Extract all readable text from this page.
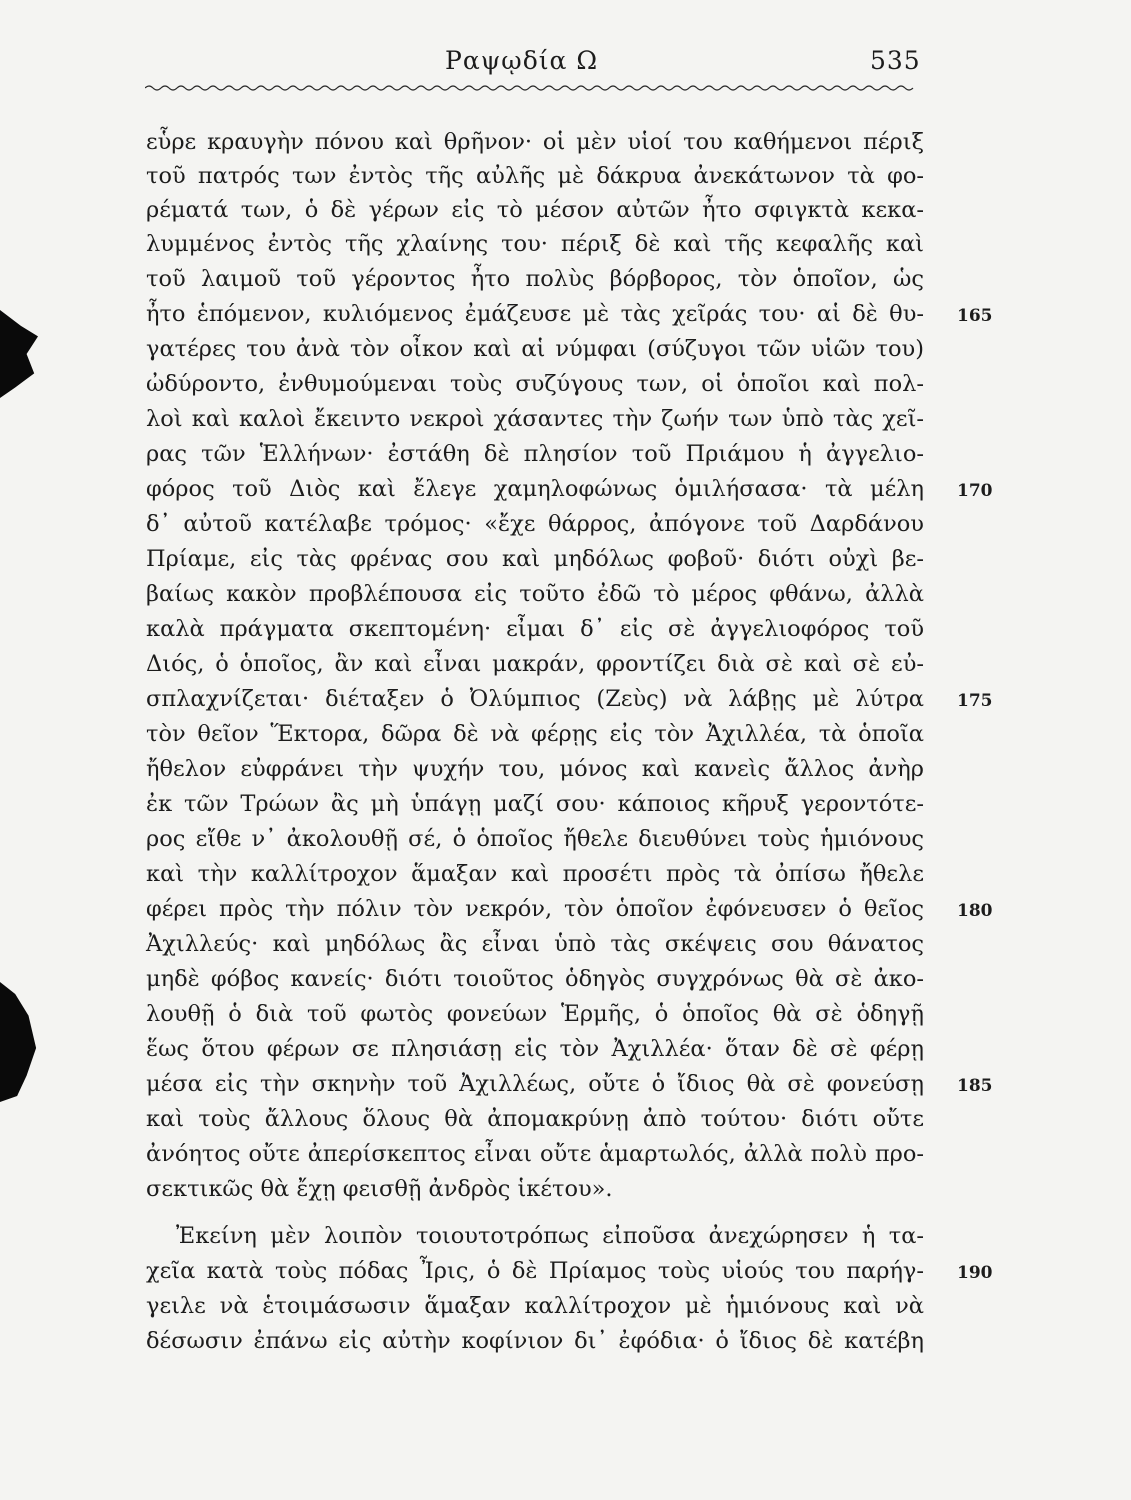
Ραψῳδία Ω	535
εὗρε κραυγὴν πόνου καὶ θρῆνον· οἱ μὲν υἱοί του καθήμενοι πέριξ
τοῦ πατρός των ἐντὸς τῆς αὐλῆς μὲ δάκρυα ἀνεκάτωνον τὰ φο-
ρέματά των, ὁ δὲ γέρων εἰς τὸ μέσον αὐτῶν ἦτο σφιγκτὰ κεκα-
λυμμένος ἐντὸς τῆς χλαίνης του· πέριξ δὲ καὶ τῆς κεφαλῆς καὶ
τοῦ λαιμοῦ τοῦ γέροντος ἦτο πολὺς βόρβορος, τὸν ὁποῖον, ὡς
ἦτο ἑπόμενον, κυλιόμενος ἐμάζευσε μὲ τὰς χεῖράς του· αἱ δὲ θυ-
γατέρες του ἀνὰ τὸν οἶκον καὶ αἱ νύμφαι (σύζυγοι τῶν υἱῶν του)
ὠδύροντο, ἐνθυμούμεναι τοὺς συζύγους των, οἱ ὁποῖοι καὶ πολ-
λοὶ καὶ καλοὶ ἔκειντο νεκροὶ χάσαντες τὴν ζωήν των ὑπὸ τὰς χεῖ-
ρας τῶν Ἑλλήνων· ἐστάθη δὲ πλησίον τοῦ Πριάμου ἡ ἀγγελιο-
φόρος τοῦ Διὸς καὶ ἔλεγε χαμηλοφώνως ὁμιλήσασα· τὰ μέλη
δ᾽ αὐτοῦ κατέλαβε τρόμος· «ἔχε θάρρος, ἀπόγονε τοῦ Δαρδάνου
Πρίαμε, εἰς τὰς φρένας σου καὶ μηδόλως φοβοῦ· διότι οὐχὶ βε-
βαίως κακὸν προβλέπουσα εἰς τοῦτο ἐδῶ τὸ μέρος φθάνω, ἀλλὰ
καλὰ πράγματα σκεπτομένη· εἶμαι δ᾽ εἰς σὲ ἀγγελιοφόρος τοῦ
Διός, ὁ ὁποῖος, ἂν καὶ εἶναι μακράν, φροντίζει διὰ σὲ καὶ σὲ εὐ-
σπλαχνίζεται· διέταξεν ὁ Ὀλύμπιος (Ζεὺς) νὰ λάβῃς μὲ λύτρα
τὸν θεῖον Ἕκτορα, δῶρα δὲ νὰ φέρῃς εἰς τὸν Ἀχιλλέα, τὰ ὁποῖα
ἤθελον εὐφράνει τὴν ψυχήν του, μόνος καὶ κανεὶς ἄλλος ἀνὴρ
ἐκ τῶν Τρώων ἂς μὴ ὑπάγῃ μαζί σου· κάποιος κῆρυξ γεροντότε-
ρος εἴθε ν᾽ ἀκολουθῇ σέ, ὁ ὁποῖος ἤθελε διευθύνει τοὺς ἡμιόνους
καὶ τὴν καλλίτροχον ἅμαξαν καὶ προσέτι πρὸς τὰ ὀπίσω ἤθελε
φέρει πρὸς τὴν πόλιν τὸν νεκρόν, τὸν ὁποῖον ἐφόνευσεν ὁ θεῖος
Ἀχιλλεύς· καὶ μηδόλως ἂς εἶναι ὑπὸ τὰς σκέψεις σου θάνατος
μηδὲ φόβος κανείς· διότι τοιοῦτος ὁδηγὸς συγχρόνως θὰ σὲ ἀκο-
λουθῇ ὁ διὰ τοῦ φωτὸς φονεύων Ἑρμῆς, ὁ ὁποῖος θὰ σὲ ὁδηγῇ
ἕως ὅτου φέρων σε πλησιάσῃ εἰς τὸν Ἀχιλλέα· ὅταν δὲ σὲ φέρῃ
μέσα εἰς τὴν σκηνὴν τοῦ Ἀχιλλέως, οὔτε ὁ ἴδιος θὰ σὲ φονεύσῃ
καὶ τοὺς ἄλλους ὅλους θὰ ἀπομακρύνῃ ἀπὸ τούτου· διότι οὔτε
ἀνόητος οὔτε ἀπερίσκεπτος εἶναι οὔτε ἁμαρτωλός, ἀλλὰ πολὺ προ-
σεκτικῶς θὰ ἔχῃ φεισθῇ ἀνδρὸς ἱκέτου».
Ἐκείνη μὲν λοιπὸν τοιουτοτρόπως εἰποῦσα ἀνεχώρησεν ἡ τα-
χεῖα κατὰ τοὺς πόδας Ἶρις, ὁ δὲ Πρίαμος τοὺς υἱούς του παρήγ-
γειλε νὰ ἑτοιμάσωσιν ἅμαξαν καλλίτροχον μὲ ἡμιόνους καὶ νὰ
δέσωσιν ἐπάνω εἰς αὐτὴν κοφίνιον δι᾽ ἐφόδια· ὁ ἴδιος δὲ κατέβη
165
170
175
180
185
190
